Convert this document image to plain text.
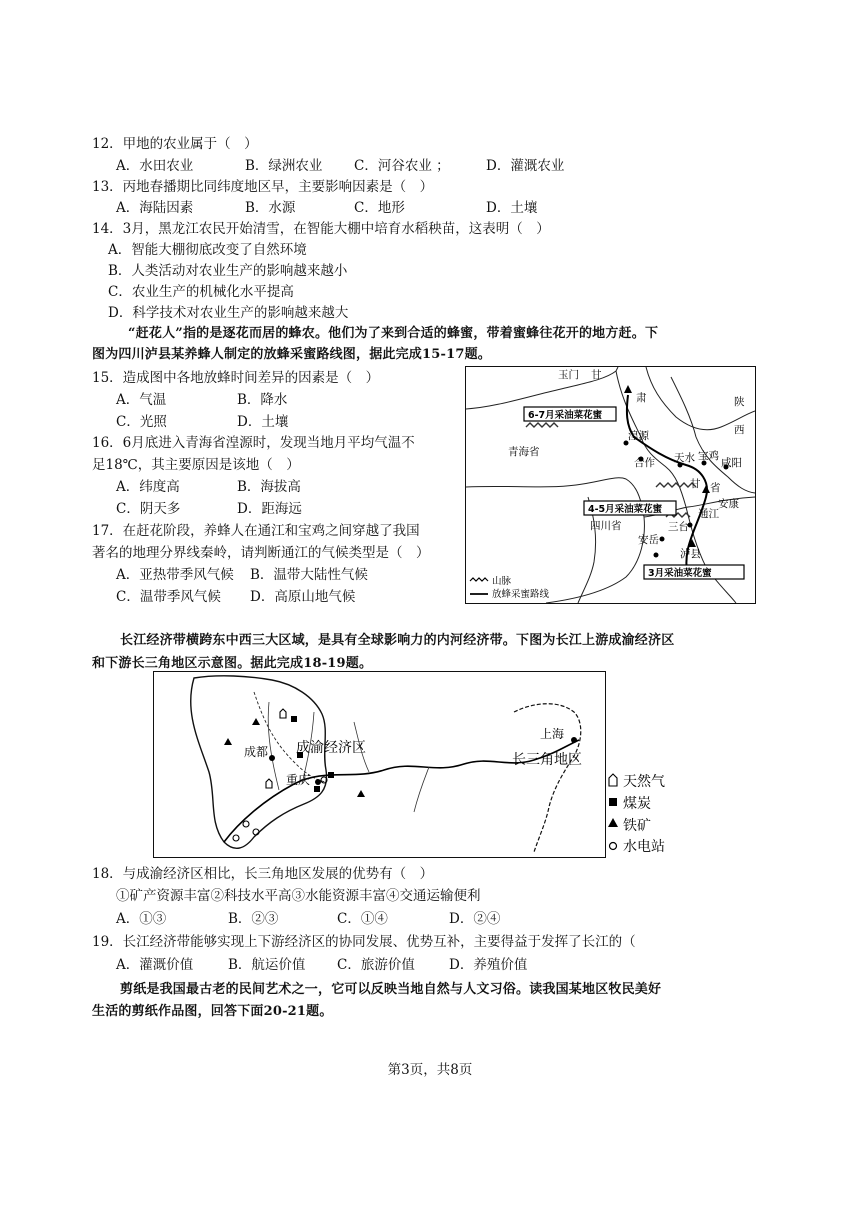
12．甲地的农业属于（　）
A．水田农业	B．绿洲农业 C．河谷农业 ；	D．灌溉农业
13．丙地春播期比同纬度地区早，主要影响因素是（　）
A．海陆因素	B．水源	C．地形	D．土壤
14．3月，黑龙江农民开始清雪，在智能大棚中培育水稻秧苗，这表明（　）
A．智能大棚彻底改变了自然环境
B．人类活动对农业生产的影响越来越小
C．农业生产的机械化水平提高
D．科学技术对农业生产的影响越来越大
“赶花人”指的是逐花而居的蜂农。他们为了来到合适的蜂蜜，带着蜜蜂往花开的地方赶。下
图为四川泸县某养蜂人制定的放蜂采蜜路线图，据此完成15-17题。
15．造成图中各地放蜂时间差异的因素是（　）
A．气温	B．降水
C．光照	D．土壤
16．6月底进入青海省湟源时，发现当地月平均气温不
足18℃，其主要原因是该地（　）
A．纬度高	B．海拔高
C．阴天多	D．距海远
17．在赶花阶段，养蜂人在通江和宝鸡之间穿越了我国
著名的地理分界线秦岭，请判断通江的气候类型是（　）
A．亚热带季风气候 B．温带大陆性气候
C．温带季风气候 D．高原山地气候
玉门 甘
肃
6-7月采油菜花蜜
青海省
湟源
合作 天水 宝鸡
陕
西
咸阳
省
甘
安康
4-5月采油菜花蜜
四川省
通江
三台
安岳
泸县
3月采油菜花蜜
山脉
放蜂采蜜路线
长江经济带横跨东中西三大区域，是具有全球影响力的内河经济带。下图为长江上游成渝经济区
和下游长三角地区示意图。据此完成18-19题。
成都 成渝经济区
重庆
上海
长三角地区
天然气
煤炭
铁矿
水电站
18．与成渝经济区相比，长三角地区发展的优势有（　）
①矿产资源丰富②科技水平高③水能资源丰富④交通运输便利
A．①③	B．②③	C．①④	D．②④
19．长江经济带能够实现上下游经济区的协同发展、优势互补，主要得益于发挥了长江的（
A．灌溉价值	B．航运价值 C．旅游价值	D．养殖价值
剪纸是我国最古老的民间艺术之一，它可以反映当地自然与人文习俗。读我国某地区牧民美好
生活的剪纸作品图，回答下面20-21题。
第3页，共8页
